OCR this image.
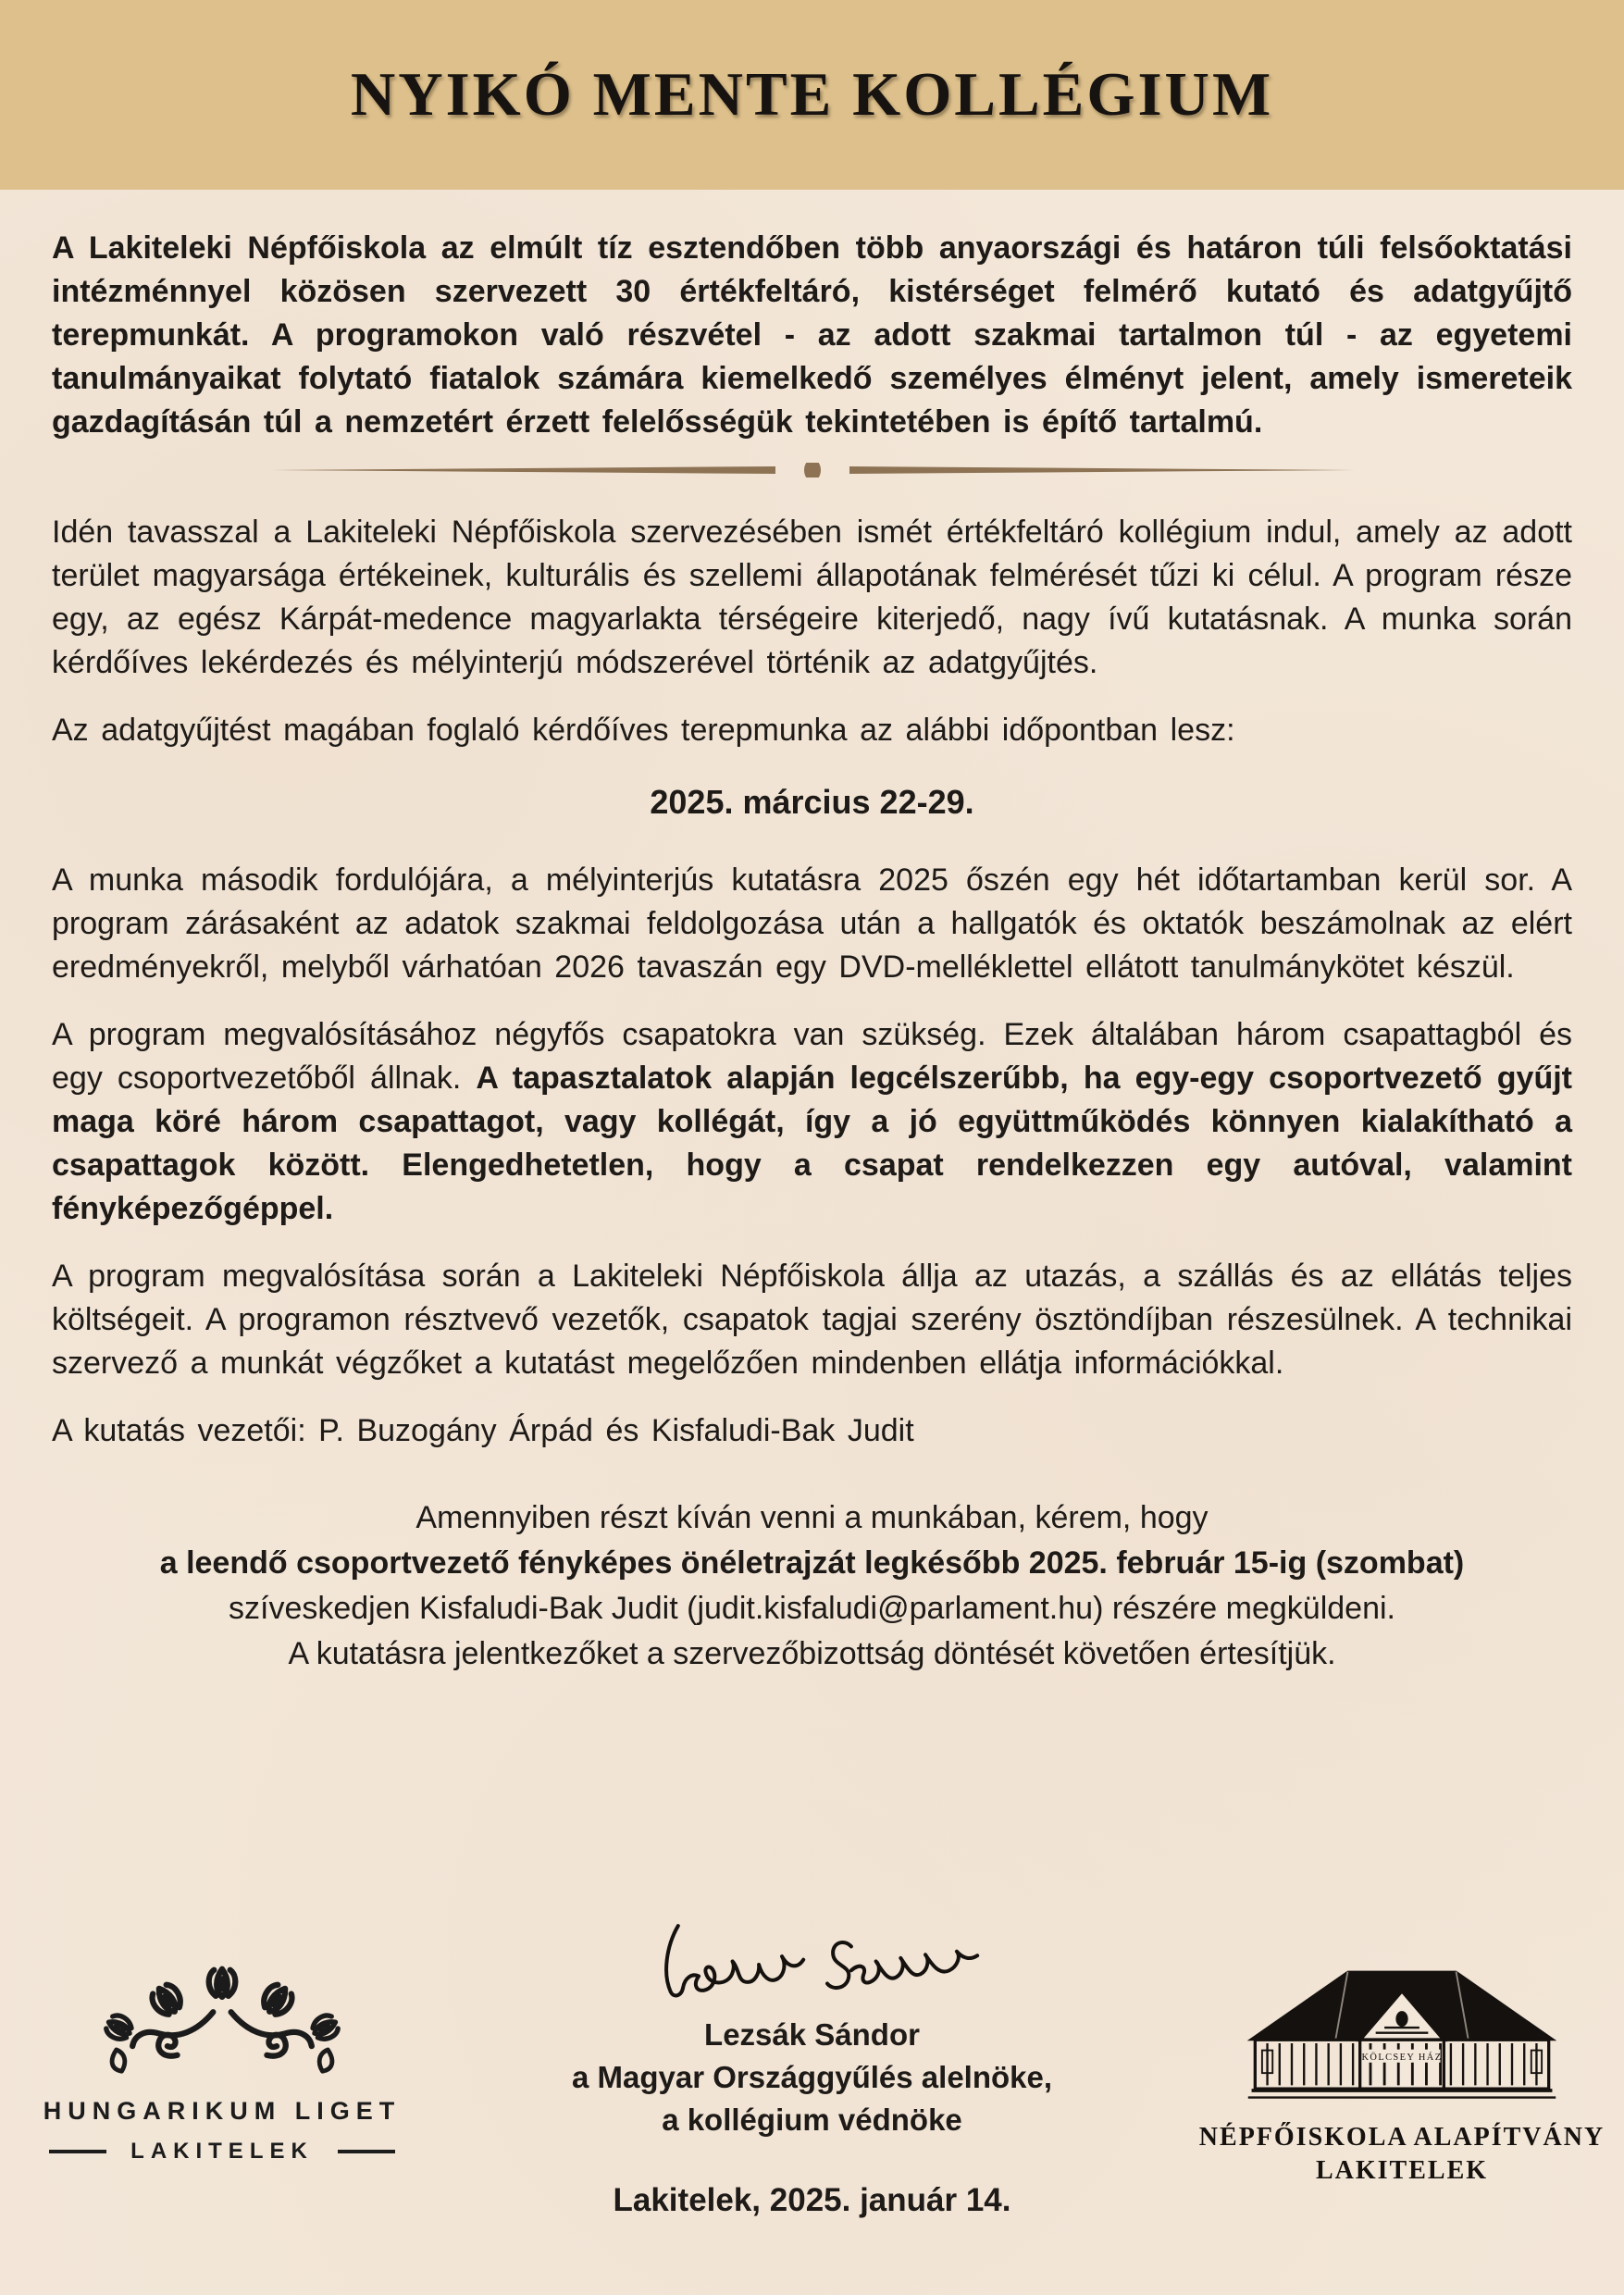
NYIKÓ MENTE KOLLÉGIUM

A Lakiteleki Népfőiskola az elmúlt tíz esztendőben több anyaországi és határon túli felsőoktatási intézménnyel közösen szervezett 30 értékfeltáró, kistérséget felmérő kutató és adatgyűjtő terepmunkát. A programokon való részvétel - az adott szakmai tartalmon túl - az egyetemi tanulmányaikat folytató fiatalok számára kiemelkedő személyes élményt jelent, amely ismereteik gazdagításán túl a nemzetért érzett felelősségük tekintetében is építő tartalmú.

Idén tavasszal a Lakiteleki Népfőiskola szervezésében ismét értékfeltáró kollégium indul, amely az adott terület magyarsága értékeinek, kulturális és szellemi állapotának felmérését tűzi ki célul. A program része egy, az egész Kárpát-medence magyarlakta térségeire kiterjedő, nagy ívű kutatásnak. A munka során kérdőíves lekérdezés és mélyinterjú módszerével történik az adatgyűjtés.

Az adatgyűjtést magában foglaló kérdőíves terepmunka az alábbi időpontban lesz:

2025. március 22-29.

A munka második fordulójára, a mélyinterjús kutatásra 2025 őszén egy hét időtartamban kerül sor. A program zárásaként az adatok szakmai feldolgozása után a hallgatók és oktatók beszámolnak az elért eredményekről, melyből várhatóan 2026 tavaszán egy DVD-melléklettel ellátott tanulmánykötet készül.

A program megvalósításához négyfős csapatokra van szükség. Ezek általában három csapattagból és egy csoportvezetőből állnak. A tapasztalatok alapján legcélszerűbb, ha egy-egy csoportvezető gyűjt maga köré három csapattagot, vagy kollégát, így a jó együttműködés könnyen kialakítható a csapattagok között. Elengedhetetlen, hogy a csapat rendelkezzen egy autóval, valamint fényképezőgéppel.

A program megvalósítása során a Lakiteleki Népfőiskola állja az utazás, a szállás és az ellátás teljes költségeit. A programon résztvevő vezetők, csapatok tagjai szerény ösztöndíjban részesülnek. A technikai szervező a munkát végzőket a kutatást megelőzően mindenben ellátja információkkal.

A kutatás vezetői: P. Buzogány Árpád és Kisfaludi-Bak Judit

Amennyiben részt kíván venni a munkában, kérem, hogy
a leendő csoportvezető fényképes önéletrajzát legkésőbb 2025. február 15-ig (szombat)
szíveskedjen Kisfaludi-Bak Judit (judit.kisfaludi@parlament.hu) részére megküldeni.
A kutatásra jelentkezőket a szervezőbizottság döntését követően értesítjük.
HUNGARIKUM LIGET
LAKITELEK
Lezsák Sándor
a Magyar Országgyűlés alelnöke,
a kollégium védnöke
Lakitelek, 2025. január 14.
KÖLCSEY HÁZ
NÉPFŐISKOLA ALAPÍTVÁNY
LAKITELEK
